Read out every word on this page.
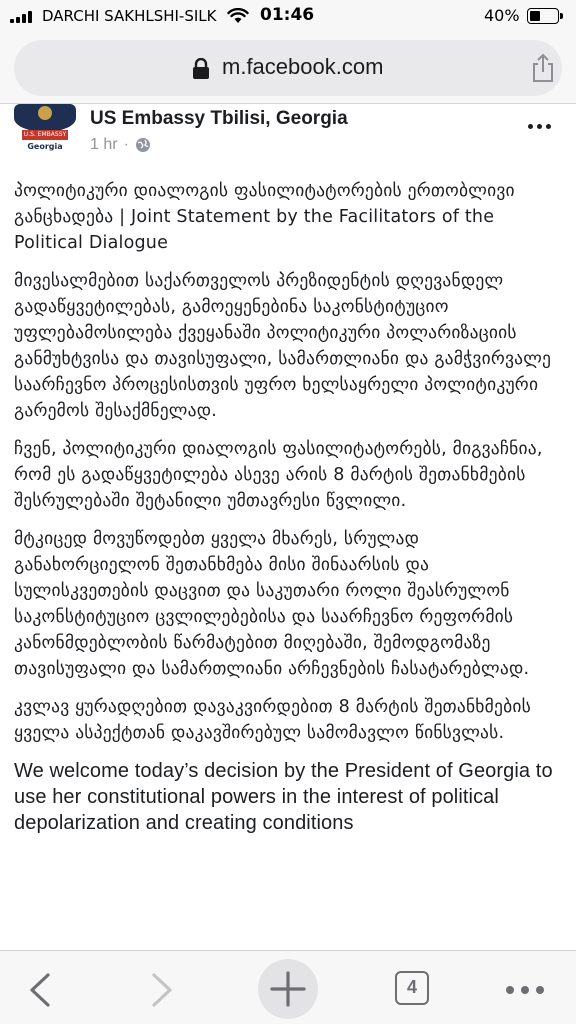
DARCHI SAKHLSHI-SILK	01:46	40%
m.facebook.com
U.S. EMBASSY
Georgia
US Embassy Tbilisi, Georgia
1 hr ·

პოლიტიკური დიალოგის ფასილიტატორების ერთობლივი განცხადება | Joint Statement by the Facilitators of the Political Dialogue

მივესალმებით საქართველოს პრეზიდენტის დღევანდელ გადაწყვეტილებას, გამოეყენებინა საკონსტიტუციო უფლებამოსილება ქვეყანაში პოლიტიკური პოლარიზაციის განმუხტვისა და თავისუფალი, სამართლიანი და გამჭვირვალე საარჩევნო პროცესისთვის უფრო ხელსაყრელი პოლიტიკური გარემოს შესაქმნელად.

ჩვენ, პოლიტიკური დიალოგის ფასილიტატორებს, მიგვაჩნია, რომ ეს გადაწყვეტილება ასევე არის 8 მარტის შეთანხმების შესრულებაში შეტანილი უმთავრესი წვლილი.

მტკიცედ მოვუწოდებთ ყველა მხარეს, სრულად განახორციელონ შეთანხმება მისი შინაარსის და სულისკვეთების დაცვით და საკუთარი როლი შეასრულონ საკონსტიტუციო ცვლილებებისა და საარჩევნო რეფორმის კანონმდებლობის წარმატებით მიღებაში, შემოდგომაზე თავისუფალი და სამართლიანი არჩევნების ჩასატარებლად.

კვლავ ყურადღებით დავაკვირდებით 8 მარტის შეთანხმების ყველა ასპექტთან დაკავშირებულ სამომავლო წინსვლას.

We welcome today’s decision by the President of Georgia to use her constitutional powers in the interest of political depolarization and creating conditions

4
